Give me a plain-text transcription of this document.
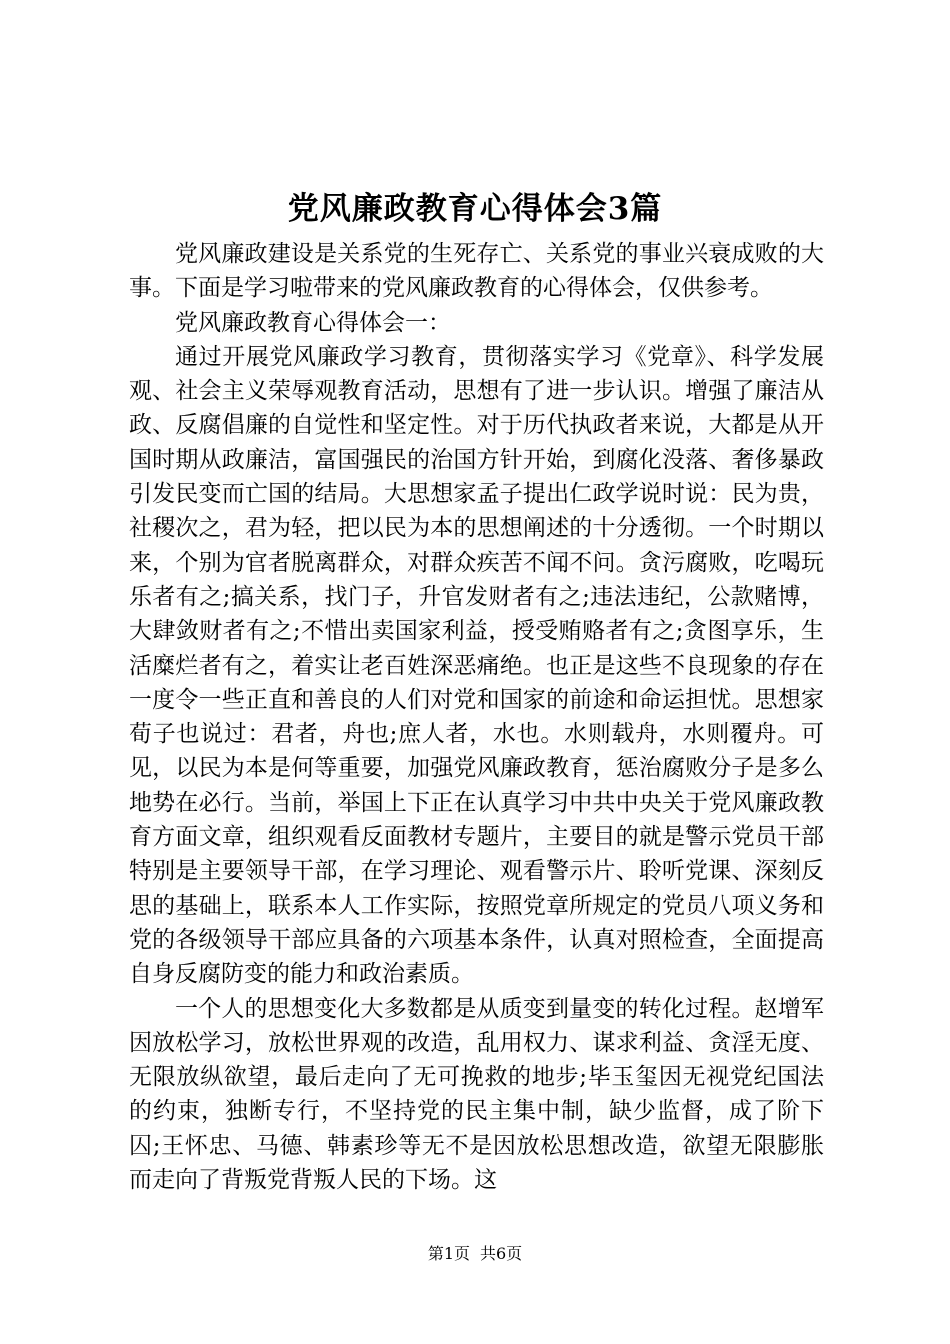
党风廉政教育心得体会3篇

党风廉政建设是关系党的生死存亡、关系党的事业兴衰成败的大事。下面是学习啦带来的党风廉政教育的心得体会，仅供参考。

党风廉政教育心得体会一：

通过开展党风廉政学习教育，贯彻落实学习《党章》、科学发展观、社会主义荣辱观教育活动，思想有了进一步认识。增强了廉洁从政、反腐倡廉的自觉性和坚定性。对于历代执政者来说，大都是从开国时期从政廉洁，富国强民的治国方针开始，到腐化没落、奢侈暴政引发民变而亡国的结局。大思想家孟子提出仁政学说时说：民为贵，社稷次之，君为轻，把以民为本的思想阐述的十分透彻。一个时期以来，个别为官者脱离群众，对群众疾苦不闻不问。贪污腐败，吃喝玩乐者有之;搞关系，找门子，升官发财者有之;违法违纪，公款赌博，大肆敛财者有之;不惜出卖国家利益，授受贿赂者有之;贪图享乐，生活糜烂者有之，着实让老百姓深恶痛绝。也正是这些不良现象的存在一度令一些正直和善良的人们对党和国家的前途和命运担忧。思想家荀子也说过：君者，舟也;庶人者，水也。水则载舟，水则覆舟。可见，以民为本是何等重要，加强党风廉政教育，惩治腐败分子是多么地势在必行。当前，举国上下正在认真学习中共中央关于党风廉政教育方面文章，组织观看反面教材专题片，主要目的就是警示党员干部特别是主要领导干部，在学习理论、观看警示片、聆听党课、深刻反思的基础上，联系本人工作实际，按照党章所规定的党员八项义务和党的各级领导干部应具备的六项基本条件，认真对照检查，全面提高自身反腐防变的能力和政治素质。

一个人的思想变化大多数都是从质变到量变的转化过程。赵增军因放松学习，放松世界观的改造，乱用权力、谋求利益、贪淫无度、无限放纵欲望，最后走向了无可挽救的地步;毕玉玺因无视党纪国法的约束，独断专行，不坚持党的民主集中制，缺少监督，成了阶下囚;王怀忠、马德、韩素珍等无不是因放松思想改造，欲望无限膨胀而走向了背叛党背叛人民的下场。这

第1页 共6页
